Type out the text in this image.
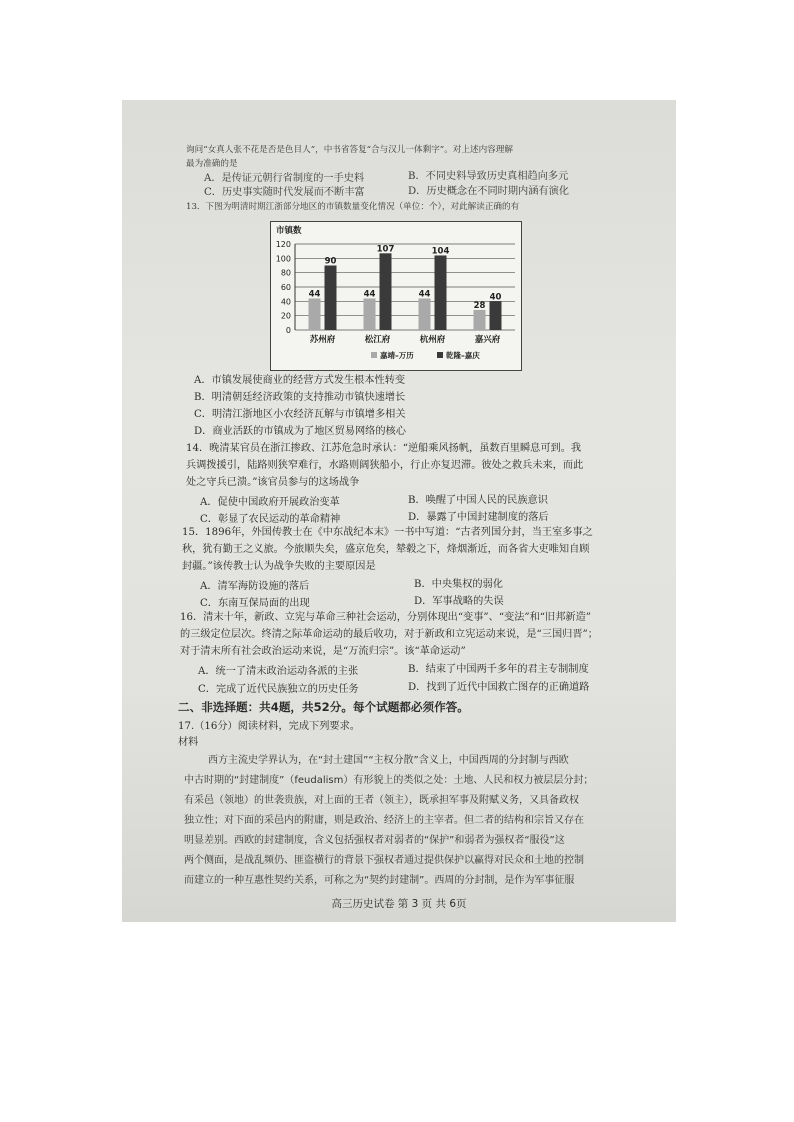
询问“女真人张不花是否是色目人”，中书省答复“合与汉儿一体剩字”。对上述内容理解
最为准确的是
A．是传证元朝行省制度的一手史料	B．不同史料导致历史真相趋向多元
C．历史事实随时代发展而不断丰富	D．历史概念在不同时期内涵有演化
13．下图为明清时期江浙部分地区的市镇数量变化情况（单位：个），对此解读正确的有
市镇数
0
20
40
60
80
100
120
44
90
苏州府
44
107
松江府
44
104
杭州府
28
40
嘉兴府
嘉靖–万历	乾隆–嘉庆
A．市镇发展使商业的经营方式发生根本性转变
B．明清朝廷经济政策的支持推动市镇快速增长
C．明清江浙地区小农经济瓦解与市镇增多相关
D．商业活跃的市镇成为了地区贸易网络的核心
14．晚清某官员在浙江掺政、江苏危急时承认：“逆船乘风扬帆，虽数百里瞬息可到。我
兵调拨援引，陆路则狭窄难行，水路则阔狭船小，行止亦复迟滞。彼处之救兵未来，而此
处之守兵已溃。”该官员参与的这场战争
A．促使中国政府开展政治变革	B．唤醒了中国人民的民族意识
C．彰显了农民运动的革命精神	D．暴露了中国封建制度的落后
15．1896年，外国传教士在《中东战纪本末》一书中写道：“古者列国分封，当王室多事之
秋，犹有勤王之义旅。今旅顺失矣，盛京危矣，辇毂之下，烽烟渐近，而各省大吏唯知自顾
封疆。”该传教士认为战争失败的主要原因是
A．清军海防设施的落后	B．中央集权的弱化
C．东南互保局面的出现	D．军事战略的失误
16．清末十年，新政、立宪与革命三种社会运动，分别体现出“变事”、“变法”和“旧邦新造”
的三级定位层次。终清之际革命运动的最后收功，对于新政和立宪运动来说，是“三国归晋”；
对于清末所有社会政治运动来说，是“万流归宗”。该“革命运动”
A．统一了清末政治运动各派的主张	B．结束了中国两千多年的君主专制制度
C．完成了近代民族独立的历史任务	D．找到了近代中国救亡图存的正确道路
二、非选择题：共4题，共52分。每个试题都必须作答。
17.（16分）阅读材料，完成下列要求。
材料
西方主流史学界认为，在“封土建国”“主权分散”含义上，中国西周的分封制与西欧
中古时期的“封建制度”（feudalism）有形貌上的类似之处：土地、人民和权力被层层分封；
有采邑（领地）的世袭贵族，对上面的王者（领主），既承担军事及附赋义务，又具备政权
独立性；对下面的采邑内的附庸，则是政治、经济上的主宰者。但二者的结构和宗旨又存在
明显差别。西欧的封建制度，含义包括强权者对弱者的“保护”和弱者为强权者“服役”这
两个侧面，是战乱频仍、匪盗横行的背景下强权者通过提供保护以赢得对民众和土地的控制
而建立的一种互惠性契约关系，可称之为“契约封建制”。西周的分封制，是作为军事征服
高三历史试卷 第 3 页 共 6页
